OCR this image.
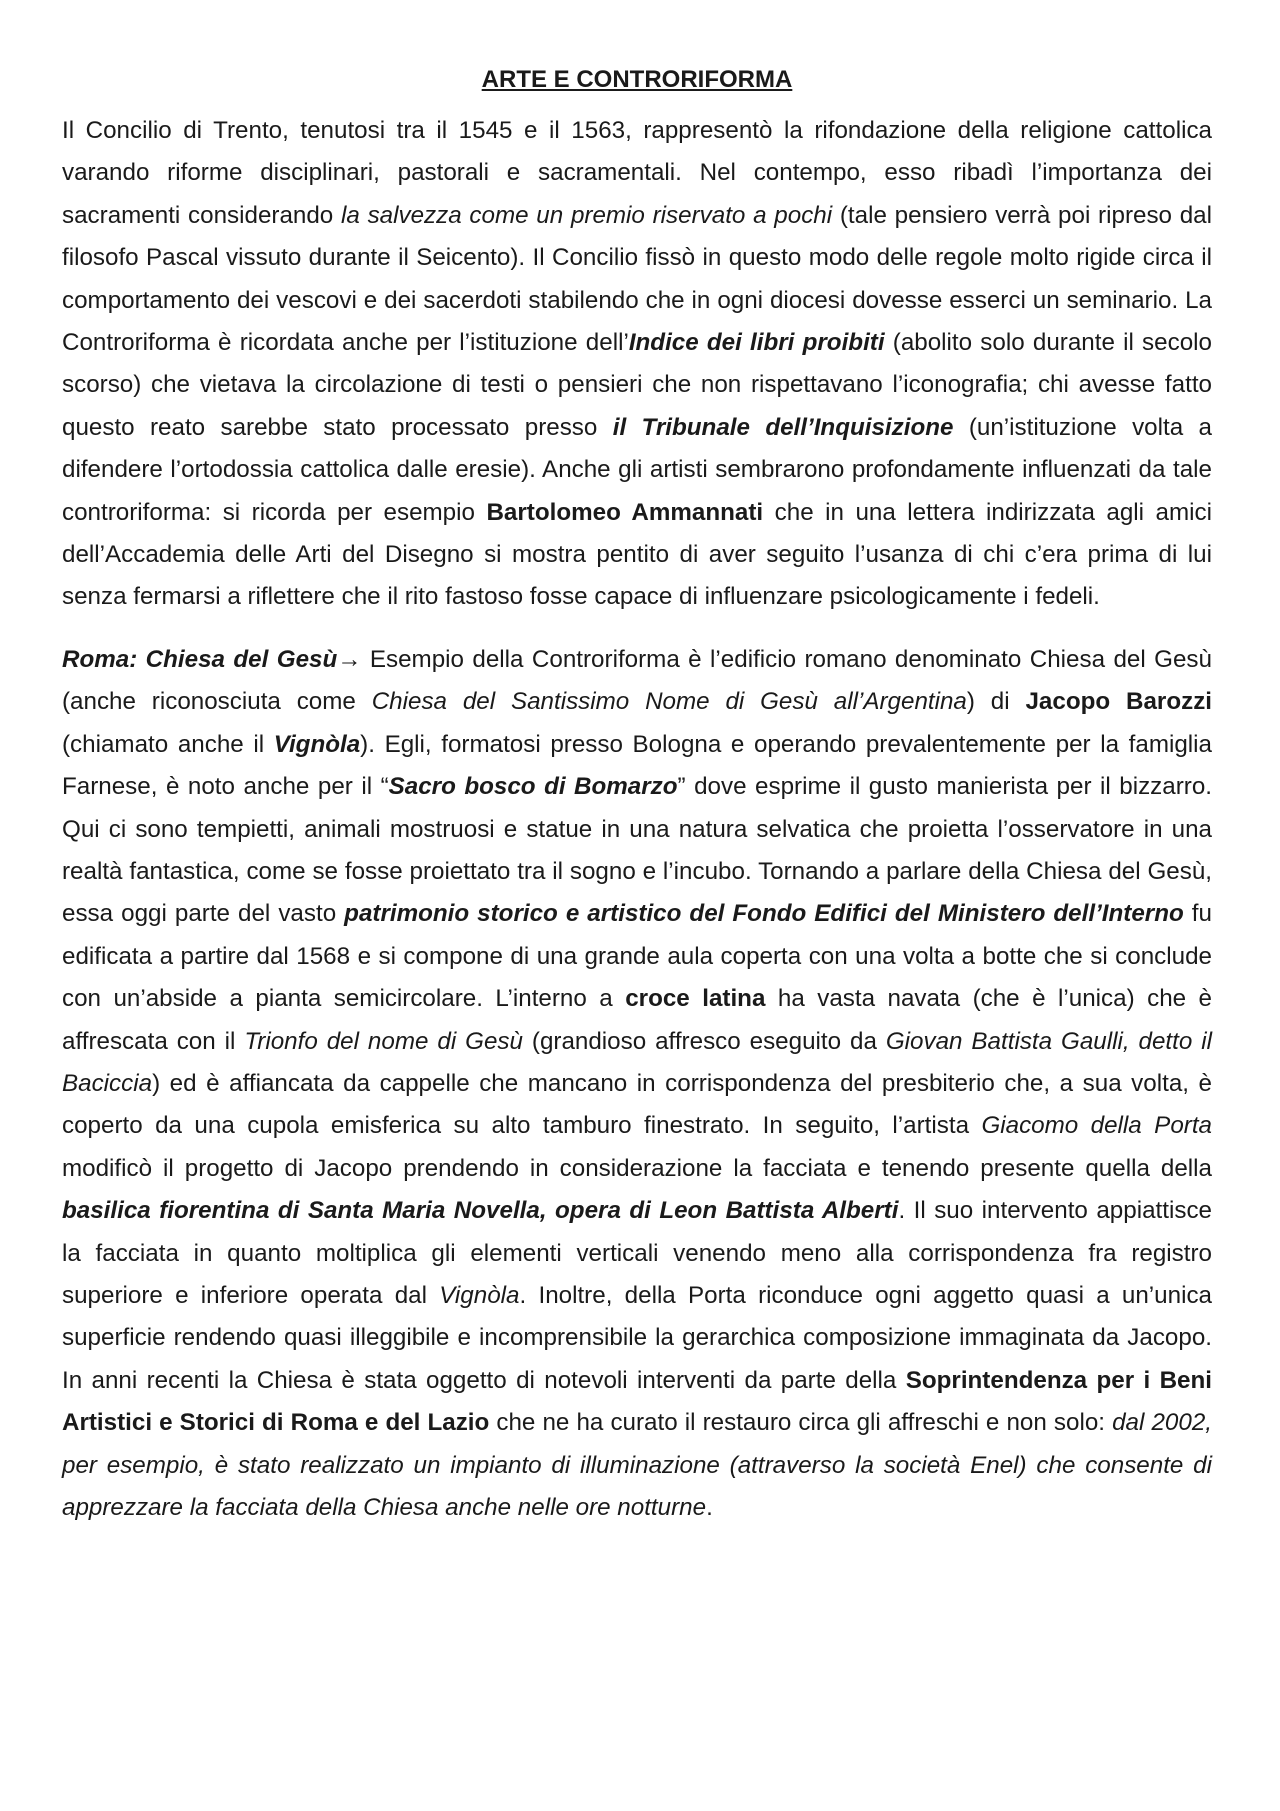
ARTE E CONTRORIFORMA

Il Concilio di Trento, tenutosi tra il 1545 e il 1563, rappresentò la rifondazione della religione cattolica varando riforme disciplinari, pastorali e sacramentali. Nel contempo, esso ribadì l’importanza dei sacramenti considerando la salvezza come un premio riservato a pochi (tale pensiero verrà poi ripreso dal filosofo Pascal vissuto durante il Seicento). Il Concilio fissò in questo modo delle regole molto rigide circa il comportamento dei vescovi e dei sacerdoti stabilendo che in ogni diocesi dovesse esserci un seminario. La Controriforma è ricordata anche per l’istituzione dell’Indice dei libri proibiti (abolito solo durante il secolo scorso) che vietava la circolazione di testi o pensieri che non rispettavano l’iconografia; chi avesse fatto questo reato sarebbe stato processato presso il Tribunale dell’Inquisizione (un’istituzione volta a difendere l’ortodossia cattolica dalle eresie). Anche gli artisti sembrarono profondamente influenzati da tale controriforma: si ricorda per esempio Bartolomeo Ammannati che in una lettera indirizzata agli amici dell’Accademia delle Arti del Disegno si mostra pentito di aver seguito l’usanza di chi c’era prima di lui senza fermarsi a riflettere che il rito fastoso fosse capace di influenzare psicologicamente i fedeli.

Roma: Chiesa del Gesù→ Esempio della Controriforma è l’edificio romano denominato Chiesa del Gesù (anche riconosciuta come Chiesa del Santissimo Nome di Gesù all’Argentina) di Jacopo Barozzi (chiamato anche il Vignòla). Egli, formatosi presso Bologna e operando prevalentemente per la famiglia Farnese, è noto anche per il “Sacro bosco di Bomarzo” dove esprime il gusto manierista per il bizzarro. Qui ci sono tempietti, animali mostruosi e statue in una natura selvatica che proietta l’osservatore in una realtà fantastica, come se fosse proiettato tra il sogno e l’incubo. Tornando a parlare della Chiesa del Gesù, essa oggi parte del vasto patrimonio storico e artistico del Fondo Edifici del Ministero dell’Interno fu edificata a partire dal 1568 e si compone di una grande aula coperta con una volta a botte che si conclude con un’abside a pianta semicircolare. L’interno a croce latina ha vasta navata (che è l’unica) che è affrescata con il Trionfo del nome di Gesù (grandioso affresco eseguito da Giovan Battista Gaulli, detto il Baciccia) ed è affiancata da cappelle che mancano in corrispondenza del presbiterio che, a sua volta, è coperto da una cupola emisferica su alto tamburo finestrato. In seguito, l’artista Giacomo della Porta modificò il progetto di Jacopo prendendo in considerazione la facciata e tenendo presente quella della basilica fiorentina di Santa Maria Novella, opera di Leon Battista Alberti. Il suo intervento appiattisce la facciata in quanto moltiplica gli elementi verticali venendo meno alla corrispondenza fra registro superiore e inferiore operata dal Vignòla. Inoltre, della Porta riconduce ogni aggetto quasi a un’unica superficie rendendo quasi illeggibile e incomprensibile la gerarchica composizione immaginata da Jacopo. In anni recenti la Chiesa è stata oggetto di notevoli interventi da parte della Soprintendenza per i Beni Artistici e Storici di Roma e del Lazio che ne ha curato il restauro circa gli affreschi e non solo: dal 2002, per esempio, è stato realizzato un impianto di illuminazione (attraverso la società Enel) che consente di apprezzare la facciata della Chiesa anche nelle ore notturne.
